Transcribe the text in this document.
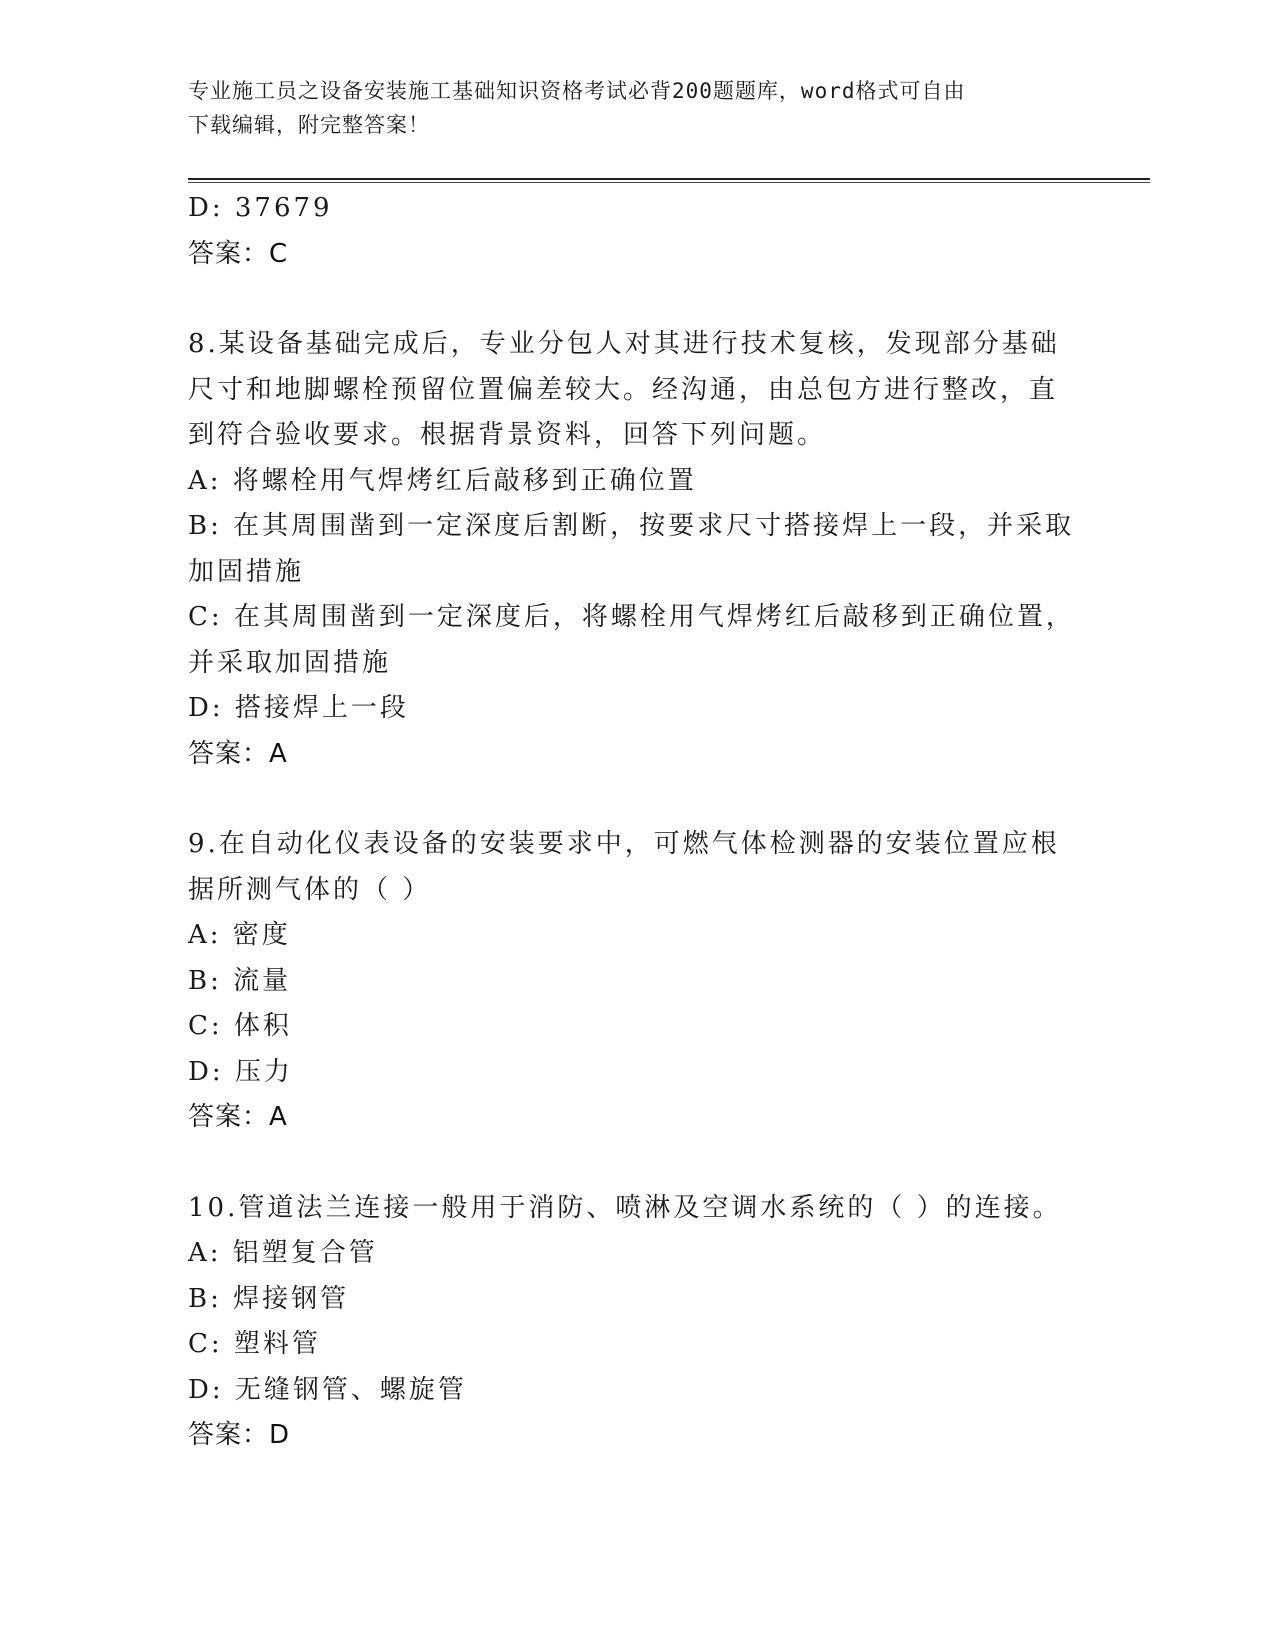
专业施工员之设备安装施工基础知识资格考试必背200题题库，word格式可自由
下载编辑，附完整答案！

D: 37679

答案：C

8.某设备基础完成后，专业分包人对其进行技术复核，发现部分基础

尺寸和地脚螺栓预留位置偏差较大。经沟通，由总包方进行整改，直

到符合验收要求。根据背景资料，回答下列问题。

A: 将螺栓用气焊烤红后敲移到正确位置

B: 在其周围凿到一定深度后割断，按要求尺寸搭接焊上一段，并采取

加固措施

C: 在其周围凿到一定深度后，将螺栓用气焊烤红后敲移到正确位置，

并采取加固措施

D: 搭接焊上一段

答案：A

9.在自动化仪表设备的安装要求中，可燃气体检测器的安装位置应根

据所测气体的（ ）

A: 密度

B: 流量

C: 体积

D: 压力

答案：A

10.管道法兰连接一般用于消防、喷淋及空调水系统的（ ）的连接。

A: 铝塑复合管

B: 焊接钢管

C: 塑料管

D: 无缝钢管、螺旋管

答案：D
